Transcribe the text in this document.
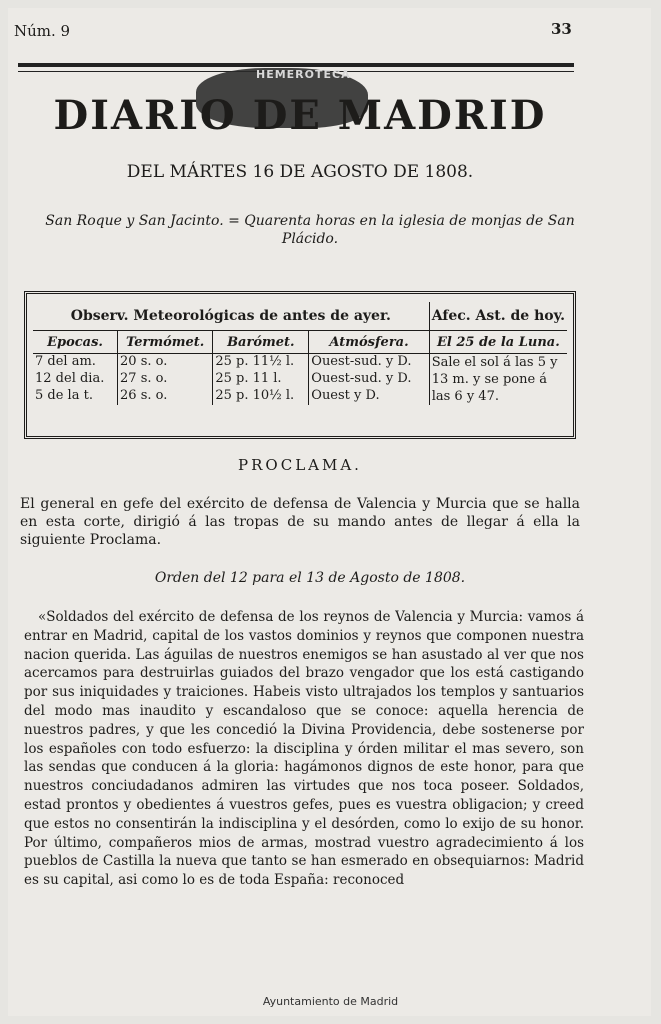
Núm. 9	33
HEMEROTECA
DIARIO DE MADRID
DEL MÁRTES 16 DE AGOSTO DE 1808.
San Roque y San Jacinto. = Quarenta horas en la iglesia de monjas de San Plácido.
Observ. Meteorológicas de antes de ayer.				Afec. Ast. de hoy.
Epocas.	Termómet.	Barómet.	Atmósfera.	El 25 de la Luna.
7 del am.	20 s. o.	25 p. 11½ l.	Ouest-sud. y D.	Sale el sol á las 5 y 13 m. y se pone á las 6 y 47.
12 del dia.	27 s. o.	25 p. 11 l.	Ouest-sud. y D.	
5 de la t.	26 s. o.	25 p. 10½ l.	Ouest y D.	
PROCLAMA.
El general en gefe del exército de defensa de Valencia y Murcia que se halla en esta corte, dirigió á las tropas de su mando antes de llegar á ella la siguiente Proclama.
Orden del 12 para el 13 de Agosto de 1808.
«Soldados del exército de defensa de los reynos de Valencia y Murcia: vamos á entrar en Madrid, capital de los vastos dominios y reynos que componen nuestra nacion querida. Las águilas de nuestros enemigos se han asustado al ver que nos acercamos para destruirlas guiados del brazo vengador que los está castigando por sus iniquidades y traiciones. Habeis visto ultrajados los templos y santuarios del modo mas inaudito y escandaloso que se conoce: aquella herencia de nuestros padres, y que les concedió la Divina Providencia, debe sostenerse por los españoles con todo esfuerzo: la disciplina y órden militar el mas severo, son las sendas que conducen á la gloria: hagámonos dignos de este honor, para que nuestros conciudadanos admiren las virtudes que nos toca poseer. Soldados, estad prontos y obedientes á vuestros gefes, pues es vuestra obligacion; y creed que estos no consentirán la indisciplina y el desórden, como lo exijo de su honor. Por último, compañeros mios de armas, mostrad vuestro agradecimiento á los pueblos de Castilla la nueva que tanto se han esmerado en obsequiarnos: Madrid es su capital, asi como lo es de toda España: reconoced
Ayuntamiento de Madrid
